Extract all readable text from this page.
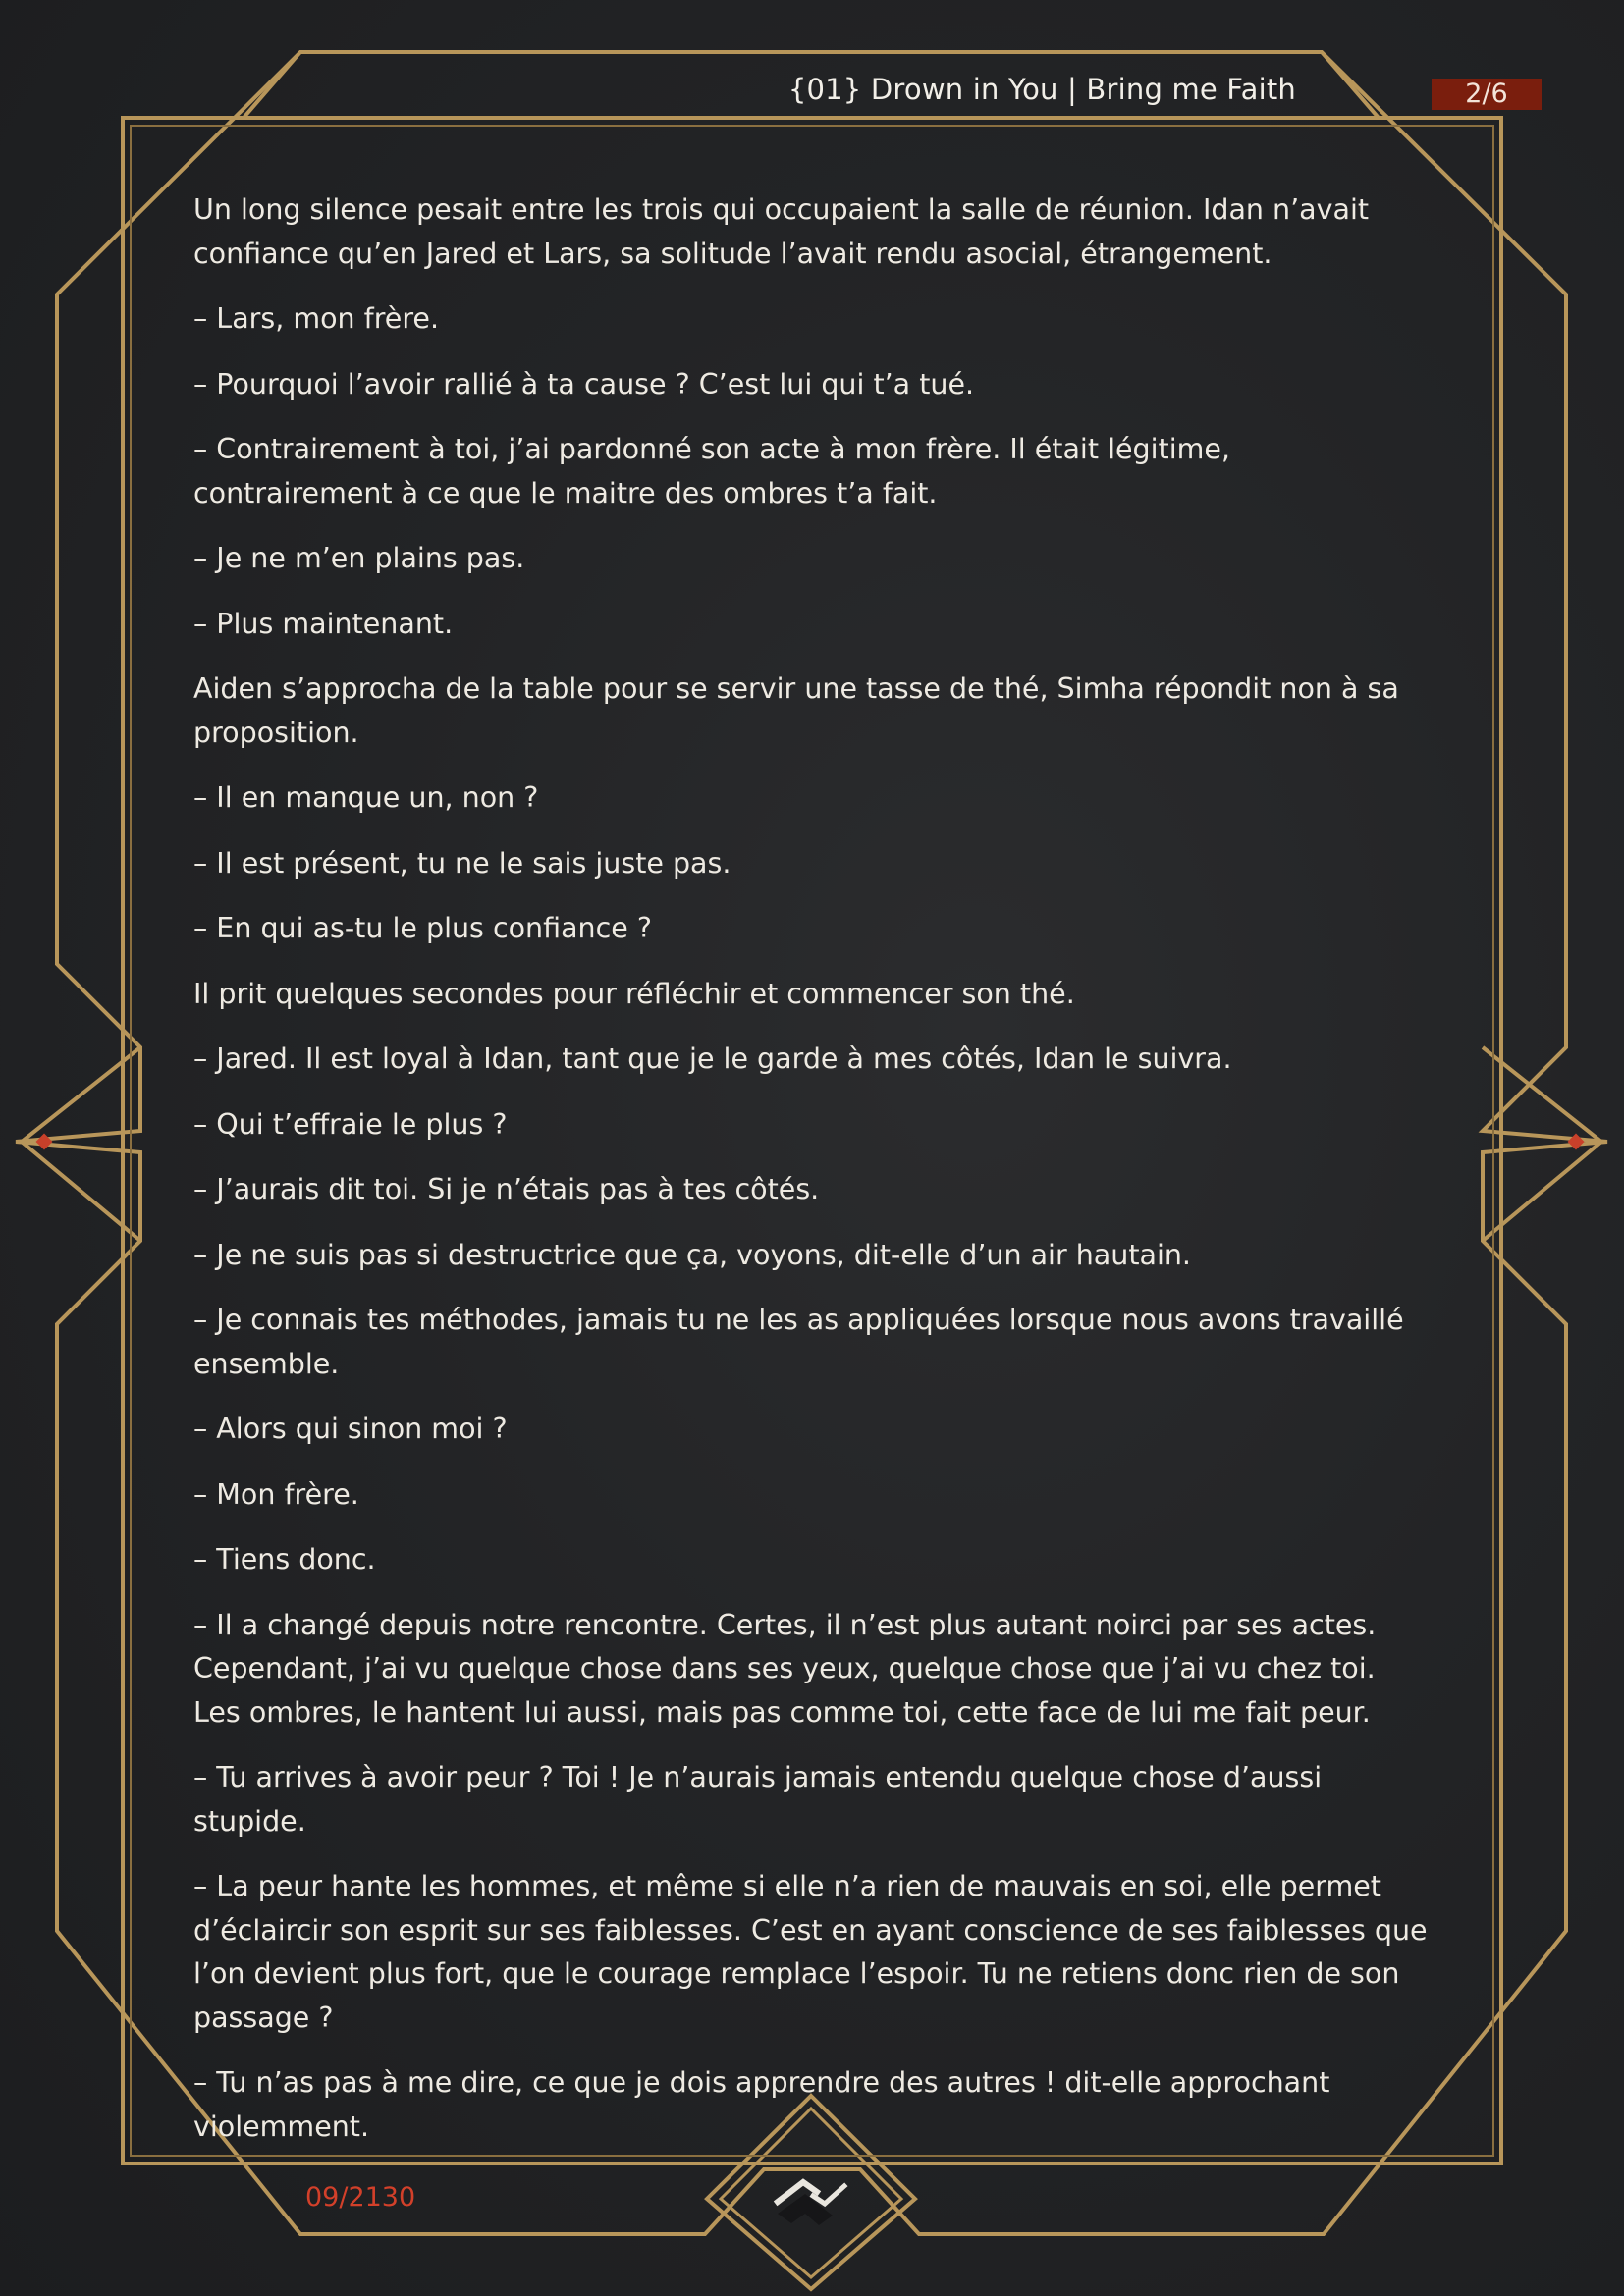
{01} Drown in You | Bring me Faith	2/6

Un long silence pesait entre les trois qui occupaient la salle de réunion. Idan n’avait confiance qu’en Jared et Lars, sa solitude l’avait rendu asocial, étrangement.

– Lars, mon frère.

– Pourquoi l’avoir rallié à ta cause ? C’est lui qui t’a tué.

– Contrairement à toi, j’ai pardonné son acte à mon frère. Il était légitime, contrairement à ce que le maitre des ombres t’a fait.

– Je ne m’en plains pas.

– Plus maintenant.

Aiden s’approcha de la table pour se servir une tasse de thé, Simha répondit non à sa proposition.

– Il en manque un, non ?

– Il est présent, tu ne le sais juste pas.

– En qui as-tu le plus confiance ?

Il prit quelques secondes pour réfléchir et commencer son thé.

– Jared. Il est loyal à Idan, tant que je le garde à mes côtés, Idan le suivra.

– Qui t’effraie le plus ?

– J’aurais dit toi. Si je n’étais pas à tes côtés.

– Je ne suis pas si destructrice que ça, voyons, dit-elle d’un air hautain.

– Je connais tes méthodes, jamais tu ne les as appliquées lorsque nous avons travaillé ensemble.

– Alors qui sinon moi ?

– Mon frère.

– Tiens donc.

– Il a changé depuis notre rencontre. Certes, il n’est plus autant noirci par ses actes. Cependant, j’ai vu quelque chose dans ses yeux, quelque chose que j’ai vu chez toi. Les ombres, le hantent lui aussi, mais pas comme toi, cette face de lui me fait peur.

– Tu arrives à avoir peur ? Toi ! Je n’aurais jamais entendu quelque chose d’aussi stupide.

– La peur hante les hommes, et même si elle n’a rien de mauvais en soi, elle permet d’éclaircir son esprit sur ses faiblesses. C’est en ayant conscience de ses faiblesses que l’on devient plus fort, que le courage remplace l’espoir. Tu ne retiens donc rien de son passage ?

– Tu n’as pas à me dire, ce que je dois apprendre des autres ! dit-elle approchant violemment.

09/2130
